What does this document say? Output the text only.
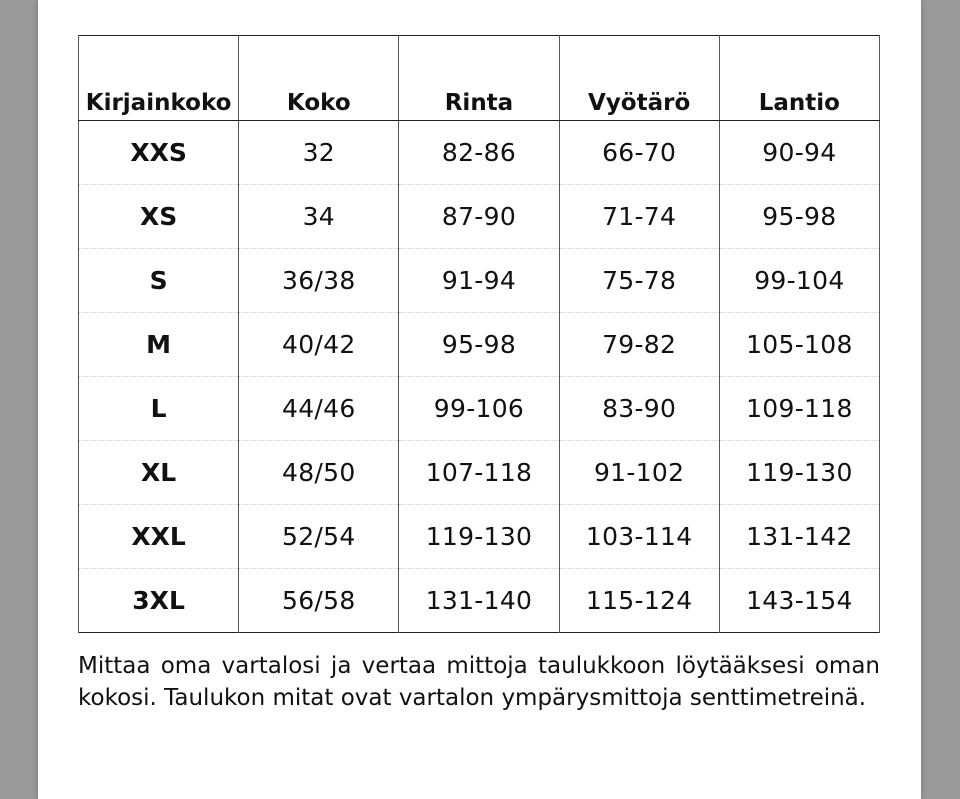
Kirjainkoko	Koko	Rinta	Vyötärö	Lantio
XXS	32	82-86	66-70	90-94
XS	34	87-90	71-74	95-98
S	36/38	91-94	75-78	99-104
M	40/42	95-98	79-82	105-108
L	44/46	99-106	83-90	109-118
XL	48/50	107-118	91-102	119-130
XXL	52/54	119-130	103-114	131-142
3XL	56/58	131-140	115-124	143-154

Mittaa oma vartalosi ja vertaa mittoja taulukkoon löytääksesi oman kokosi. Taulukon mitat ovat vartalon ympärysmittoja senttimetreinä.
